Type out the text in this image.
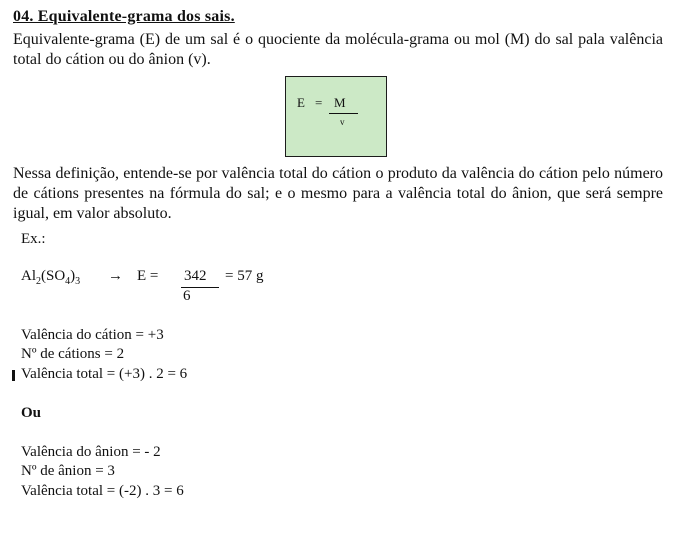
04. Equivalente-grama dos sais.
Equivalente-grama (E) de um sal é o quociente da molécula-grama ou mol (M) do sal pala valência total do cátion ou do ânion (v).
E = M
v
Nessa definição, entende-se por valência total do cátion o produto da valência do cátion pelo número de cátions presentes na fórmula do sal; e o mesmo para a valência total do ânion, que será sempre igual, em valor absoluto.
Ex.:
$Al_2(SO_4)_3 \to E = 342$
6
= 57 g
Valência do cátion = +3
Nº de cátions = 2
Valência total = (+3) . 2 = 6
Ou
Valência do ânion = - 2
Nº de ânion = 3
Valência total = (-2) . 3 = 6
